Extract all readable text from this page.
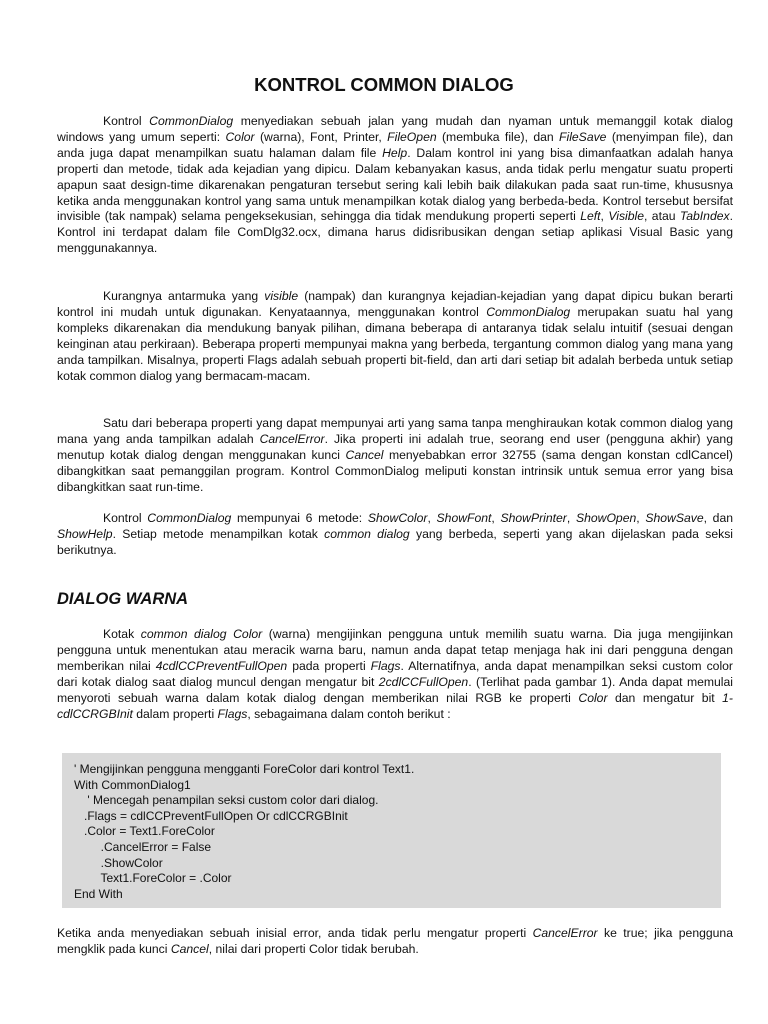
KONTROL COMMON DIALOG

Kontrol CommonDialog menyediakan sebuah jalan yang mudah dan nyaman untuk memanggil kotak dialog windows yang umum seperti: Color (warna), Font, Printer, FileOpen (membuka file), dan FileSave (menyimpan file), dan anda juga dapat menampilkan suatu halaman dalam file Help. Dalam kontrol ini yang bisa dimanfaatkan adalah hanya properti dan metode, tidak ada kejadian yang dipicu. Dalam kebanyakan kasus, anda tidak perlu mengatur suatu properti apapun saat design-time dikarenakan pengaturan tersebut sering kali lebih baik dilakukan pada saat run-time, khususnya ketika anda menggunakan kontrol yang sama untuk menampilkan kotak dialog yang berbeda-beda. Kontrol tersebut bersifat invisible (tak nampak) selama pengeksekusian, sehingga dia tidak mendukung properti seperti Left, Visible, atau TabIndex. Kontrol ini terdapat dalam file ComDlg32.ocx, dimana harus didisribusikan dengan setiap aplikasi Visual Basic yang menggunakannya.

Kurangnya antarmuka yang visible (nampak) dan kurangnya kejadian-kejadian yang dapat dipicu bukan berarti kontrol ini mudah untuk digunakan. Kenyataannya, menggunakan kontrol CommonDialog merupakan suatu hal yang kompleks dikarenakan dia mendukung banyak pilihan, dimana beberapa di antaranya tidak selalu intuitif (sesuai dengan keinginan atau perkiraan). Beberapa properti mempunyai makna yang berbeda, tergantung common dialog yang mana yang anda tampilkan. Misalnya, properti Flags adalah sebuah properti bit-field, dan arti dari setiap bit adalah berbeda untuk setiap kotak common dialog yang bermacam-macam.

Satu dari beberapa properti yang dapat mempunyai arti yang sama tanpa menghiraukan kotak common dialog yang mana yang anda tampilkan adalah CancelError. Jika properti ini adalah true, seorang end user (pengguna akhir) yang menutup kotak dialog dengan menggunakan kunci Cancel menyebabkan error 32755 (sama dengan konstan cdlCancel) dibangkitkan saat pemanggilan program. Kontrol CommonDialog meliputi konstan intrinsik untuk semua error yang bisa dibangkitkan saat run-time.

Kontrol CommonDialog mempunyai 6 metode: ShowColor, ShowFont, ShowPrinter, ShowOpen, ShowSave, dan ShowHelp. Setiap metode menampilkan kotak common dialog yang berbeda, seperti yang akan dijelaskan pada seksi berikutnya.

DIALOG WARNA

Kotak common dialog Color (warna) mengijinkan pengguna untuk memilih suatu warna. Dia juga mengijinkan pengguna untuk menentukan atau meracik warna baru, namun anda dapat tetap menjaga hak ini dari pengguna dengan memberikan nilai 4cdlCCPreventFullOpen pada properti Flags. Alternatifnya, anda dapat menampilkan seksi custom color dari kotak dialog saat dialog muncul dengan mengatur bit 2cdlCCFullOpen. (Terlihat pada gambar 1). Anda dapat memulai menyoroti sebuah warna dalam kotak dialog dengan memberikan nilai RGB ke properti Color dan mengatur bit 1-cdlCCRGBInit dalam properti Flags, sebagaimana dalam contoh berikut :

' Mengijinkan pengguna mengganti ForeColor dari kontrol Text1.
With CommonDialog1
' Mencegah penampilan seksi custom color dari dialog.
.Flags = cdlCCPreventFullOpen Or cdlCCRGBInit
.Color = Text1.ForeColor
.CancelError = False
.ShowColor
Text1.ForeColor = .Color
End With

Ketika anda menyediakan sebuah inisial error, anda tidak perlu mengatur properti CancelError ke true; jika pengguna mengklik pada kunci Cancel, nilai dari properti Color tidak berubah.
